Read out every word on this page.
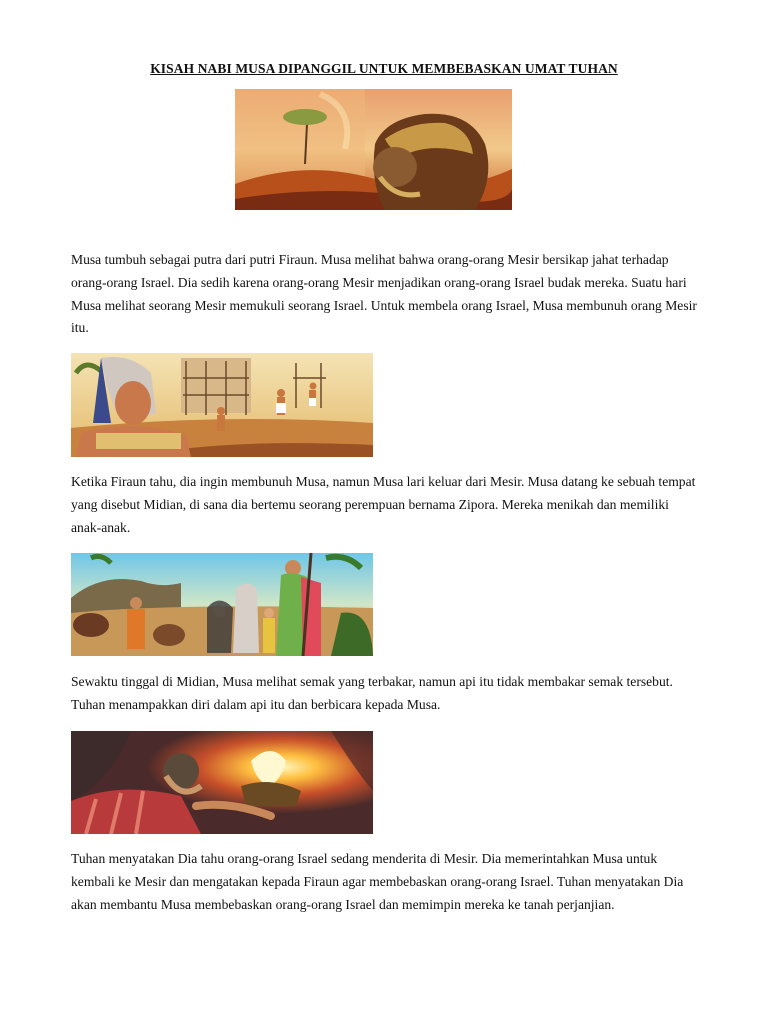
KISAH NABI MUSA DIPANGGIL UNTUK MEMBEBASKAN UMAT TUHAN

Musa tumbuh sebagai putra dari putri Firaun. Musa melihat bahwa orang-orang Mesir bersikap jahat terhadap orang-orang Israel. Dia sedih karena orang-orang Mesir menjadikan orang-orang Israel budak mereka. Suatu hari Musa melihat seorang Mesir memukuli seorang Israel. Untuk membela orang Israel, Musa membunuh orang Mesir itu.

Ketika Firaun tahu, dia ingin membunuh Musa, namun Musa lari keluar dari Mesir. Musa datang ke sebuah tempat yang disebut Midian, di sana dia bertemu seorang perempuan bernama Zipora. Mereka menikah dan memiliki anak-anak.

Sewaktu tinggal di Midian, Musa melihat semak yang terbakar, namun api itu tidak membakar semak tersebut. Tuhan menampakkan diri dalam api itu dan berbicara kepada Musa.

Tuhan menyatakan Dia tahu orang-orang Israel sedang menderita di Mesir. Dia memerintahkan Musa untuk kembali ke Mesir dan mengatakan kepada Firaun agar membebaskan orang-orang Israel. Tuhan menyatakan Dia akan membantu Musa membebaskan orang-orang Israel dan memimpin mereka ke tanah perjanjian.
